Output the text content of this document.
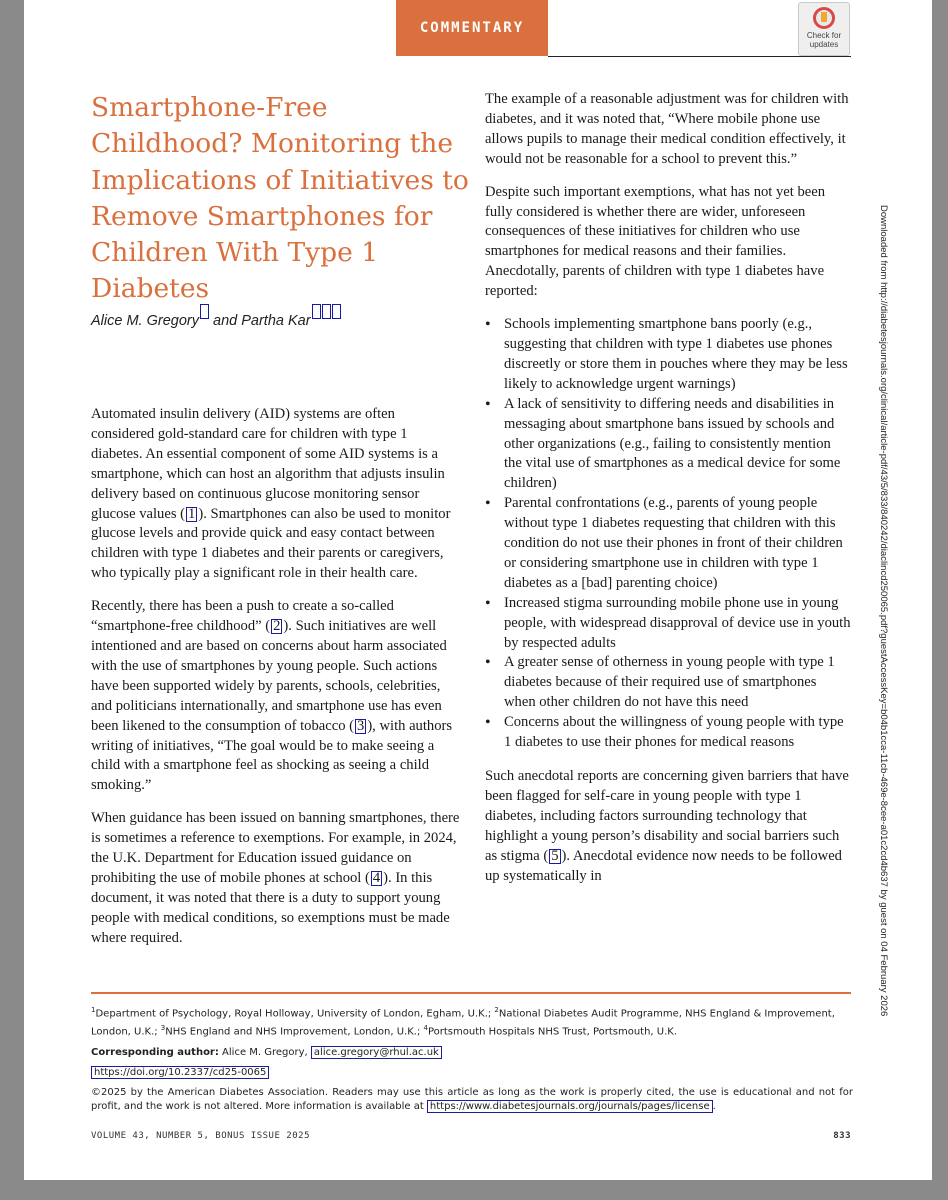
COMMENTARY	Check for
updates
Smartphone-Free Childhood? Monitoring the Implications of Initiatives to Remove Smartphones for Children With Type 1 Diabetes
Alice M. Gregory and Partha Kar

Automated insulin delivery (AID) systems are often considered gold-standard care for children with type 1 diabetes. An essential component of some AID systems is a smartphone, which can host an algorithm that adjusts insulin delivery based on continuous glucose monitoring sensor glucose values ( 1 ). Smartphones can also be used to monitor glucose levels and provide quick and easy contact between children with type 1 diabetes and their parents or caregivers, who typically play a significant role in their health care.

Recently, there has been a push to create a so-called “smartphone-free childhood” ( 2 ). Such initiatives are well intentioned and are based on concerns about harm associated with the use of smartphones by young people. Such actions have been supported widely by parents, schools, celebrities, and politicians internationally, and smartphone use has even been likened to the consumption of tobacco ( 3 ), with authors writing of initiatives, “The goal would be to make seeing a child with a smartphone feel as shocking as seeing a child smoking.”

When guidance has been issued on banning smartphones, there is sometimes a reference to exemptions. For example, in 2024, the U.K. Department for Education issued guidance on prohibiting the use of mobile phones at school ( 4 ). In this document, it was noted that there is a duty to support young people with medical conditions, so exemptions must be made where required.

The example of a reasonable adjustment was for children with diabetes, and it was noted that, “Where mobile phone use allows pupils to manage their medical condition effectively, it would not be reasonable for a school to prevent this.”

Despite such important exemptions, what has not yet been fully considered is whether there are wider, unforeseen consequences of these initiatives for children who use smartphones for medical reasons and their families. Anecdotally, parents of children with type 1 diabetes have reported:

• Schools implementing smartphone bans poorly (e.g., suggesting that children with type 1 diabetes use phones discreetly or store them in pouches where they may be less likely to acknowledge urgent warnings)
• A lack of sensitivity to differing needs and disabilities in messaging about smartphone bans issued by schools and other organizations (e.g., failing to consistently mention the vital use of smartphones as a medical device for some children)
• Parental confrontations (e.g., parents of young people without type 1 diabetes requesting that children with this condition do not use their phones in front of their children or considering smartphone use in children with type 1 diabetes as a [bad] parenting choice)
• Increased stigma surrounding mobile phone use in young people, with widespread disapproval of device use in youth by respected adults
• A greater sense of otherness in young people with type 1 diabetes because of their required use of smartphones when other children do not have this need
• Concerns about the willingness of young people with type 1 diabetes to use their phones for medical reasons

Such anecdotal reports are concerning given barriers that have been flagged for self-care in young people with type 1 diabetes, including factors surrounding technology that highlight a young person’s disability and social barriers such as stigma ( 5 ). Anecdotal evidence now needs to be followed up systematically in	Downloaded from http://diabetesjournals.org/clinical/article-pdf/43/5/833/840242/diaclincd250065.pdf?guestAccessKey=b04b1cca-11cb-469e-8cee-a01c2cd4b637 by guest on 04 February 2026

$^1$Department of Psychology, Royal Holloway, University of London, Egham, U.K.; $^2$National Diabetes Audit Programme, NHS England & Improvement, London, U.K.; $^3$NHS England and NHS Improvement, London, U.K.; $^4$Portsmouth Hospitals NHS Trust, Portsmouth, U.K.

Corresponding author: Alice M. Gregory, alice.gregory@rhul.ac.uk

https://doi.org/10.2337/cd25-0065

©2025 by the American Diabetes Association. Readers may use this article as long as the work is properly cited, the use is educational and not for profit, and the work is not altered. More information is available at https://www.diabetesjournals.org/journals/pages/license .

VOLUME 43, NUMBER 5, BONUS ISSUE 2025	833
